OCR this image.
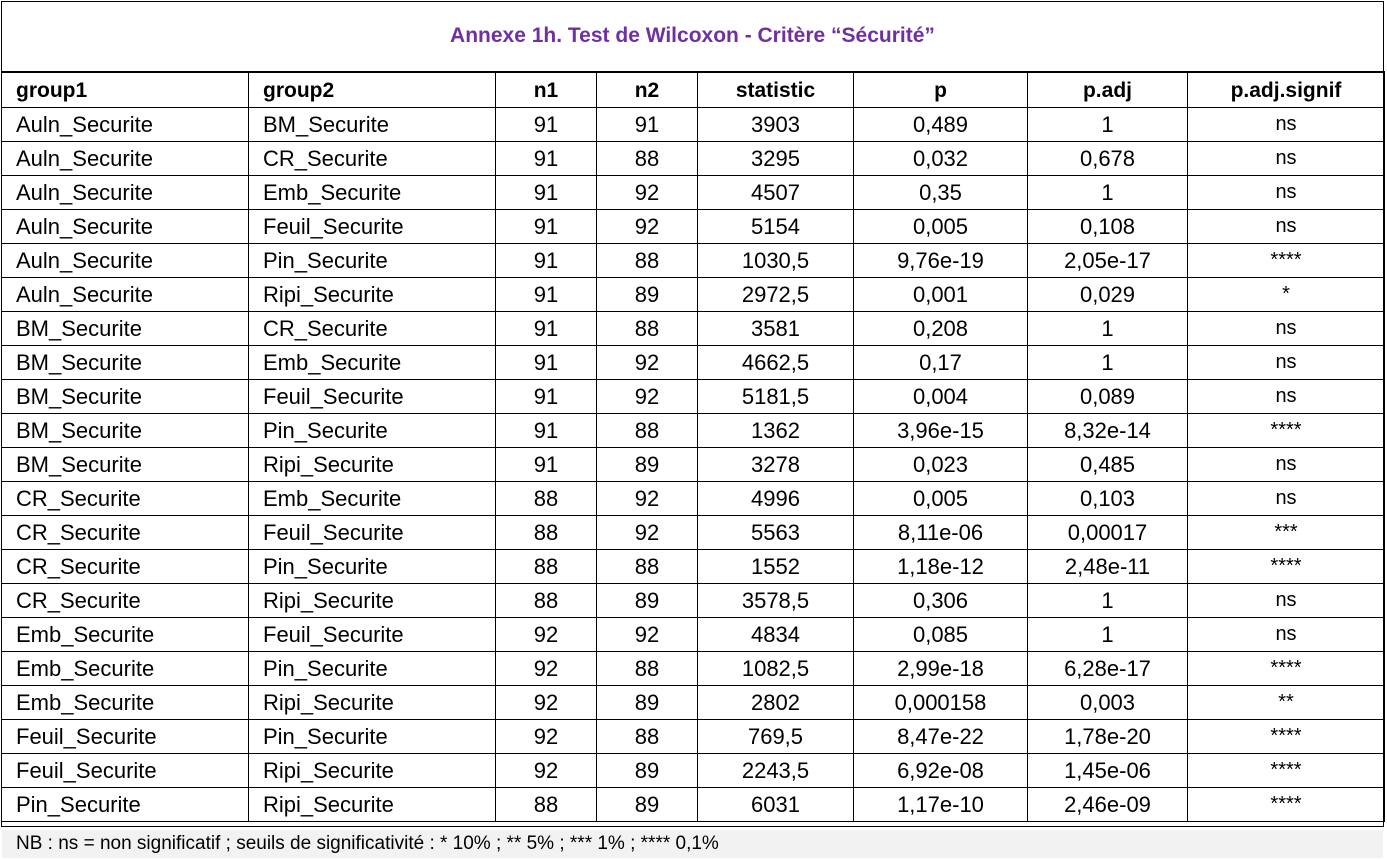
Annexe 1h. Test de Wilcoxon - Critère “Sécurité”
group1	group2	n1	n2	statistic	p	p.adj	p.adj.signif
Auln_Securite	BM_Securite	91	91	3903	0,489	1	ns
Auln_Securite	CR_Securite	91	88	3295	0,032	0,678	ns
Auln_Securite	Emb_Securite	91	92	4507	0,35	1	ns
Auln_Securite	Feuil_Securite	91	92	5154	0,005	0,108	ns
Auln_Securite	Pin_Securite	91	88	1030,5	9,76e-19	2,05e-17	****
Auln_Securite	Ripi_Securite	91	89	2972,5	0,001	0,029	*
BM_Securite	CR_Securite	91	88	3581	0,208	1	ns
BM_Securite	Emb_Securite	91	92	4662,5	0,17	1	ns
BM_Securite	Feuil_Securite	91	92	5181,5	0,004	0,089	ns
BM_Securite	Pin_Securite	91	88	1362	3,96e-15	8,32e-14	****
BM_Securite	Ripi_Securite	91	89	3278	0,023	0,485	ns
CR_Securite	Emb_Securite	88	92	4996	0,005	0,103	ns
CR_Securite	Feuil_Securite	88	92	5563	8,11e-06	0,00017	***
CR_Securite	Pin_Securite	88	88	1552	1,18e-12	2,48e-11	****
CR_Securite	Ripi_Securite	88	89	3578,5	0,306	1	ns
Emb_Securite	Feuil_Securite	92	92	4834	0,085	1	ns
Emb_Securite	Pin_Securite	92	88	1082,5	2,99e-18	6,28e-17	****
Emb_Securite	Ripi_Securite	92	89	2802	0,000158	0,003	**
Feuil_Securite	Pin_Securite	92	88	769,5	8,47e-22	1,78e-20	****
Feuil_Securite	Ripi_Securite	92	89	2243,5	6,92e-08	1,45e-06	****
Pin_Securite	Ripi_Securite	88	89	6031	1,17e-10	2,46e-09	****
NB : ns = non significatif ; seuils de significativité : * 10% ; ** 5% ; *** 1% ; **** 0,1%
